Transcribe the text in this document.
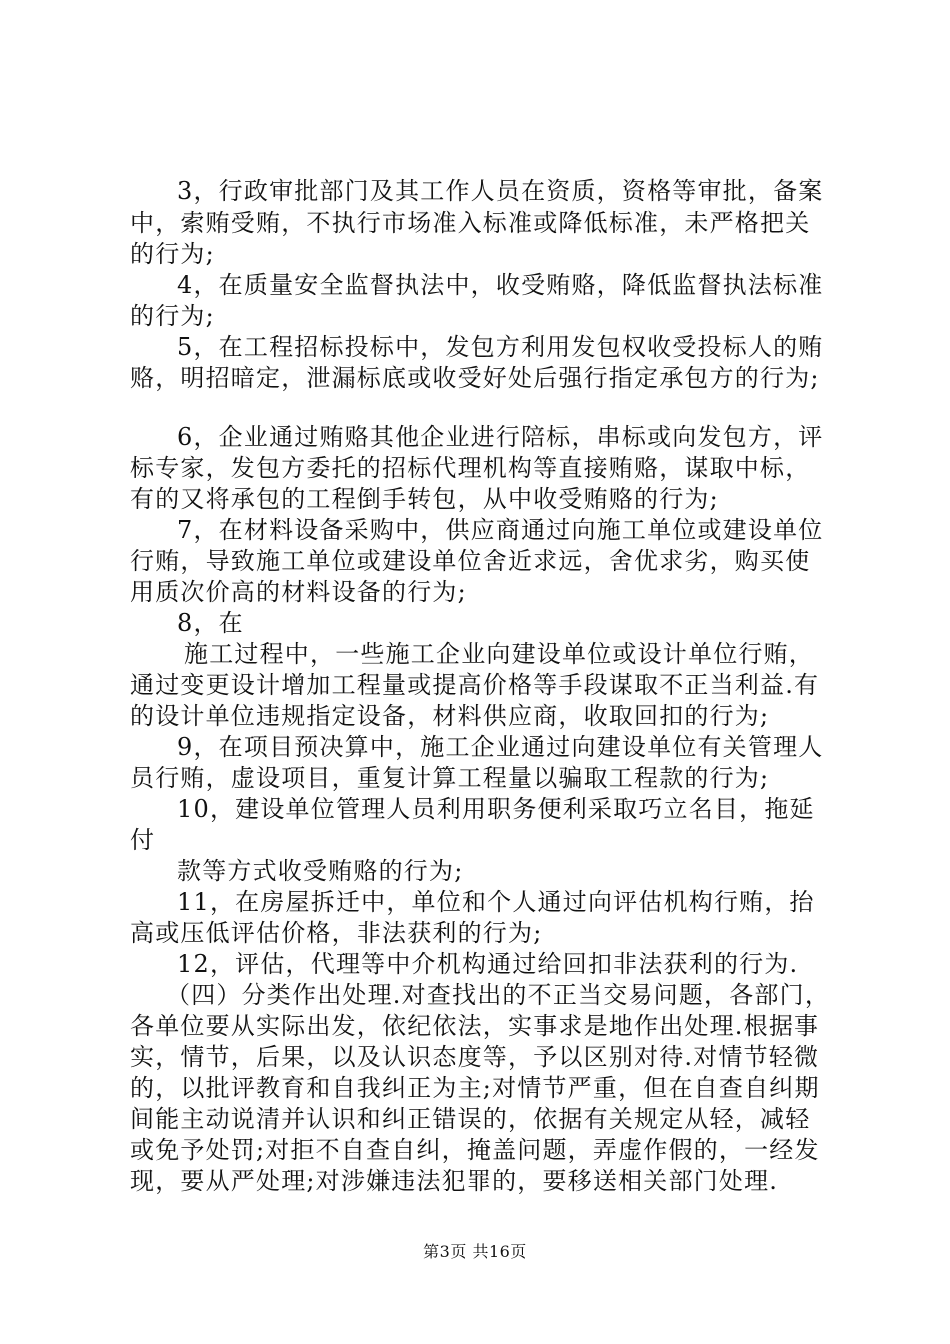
3，行政审批部门及其工作人员在资质，资格等审批，备案
中，索贿受贿，不执行市场准入标准或降低标准，未严格把关
的行为;
4，在质量安全监督执法中，收受贿赂，降低监督执法标准
的行为;
5，在工程招标投标中，发包方利用发包权收受投标人的贿
赂，明招暗定，泄漏标底或收受好处后强行指定承包方的行为;
6，企业通过贿赂其他企业进行陪标，串标或向发包方，评
标专家，发包方委托的招标代理机构等直接贿赂，谋取中标，
有的又将承包的工程倒手转包，从中收受贿赂的行为;
7，在材料设备采购中，供应商通过向施工单位或建设单位
行贿，导致施工单位或建设单位舍近求远，舍优求劣，购买使
用质次价高的材料设备的行为;
8，在
施工过程中，一些施工企业向建设单位或设计单位行贿，
通过变更设计增加工程量或提高价格等手段谋取不正当利益.有
的设计单位违规指定设备，材料供应商，收取回扣的行为;
9，在项目预决算中，施工企业通过向建设单位有关管理人
员行贿，虚设项目，重复计算工程量以骗取工程款的行为;
10，建设单位管理人员利用职务便利采取巧立名目，拖延
付
款等方式收受贿赂的行为;
11，在房屋拆迁中，单位和个人通过向评估机构行贿，抬
高或压低评估价格，非法获利的行为;
12，评估，代理等中介机构通过给回扣非法获利的行为.
（四）分类作出处理.对查找出的不正当交易问题，各部门，
各单位要从实际出发，依纪依法，实事求是地作出处理.根据事
实，情节，后果，以及认识态度等，予以区别对待.对情节轻微
的，以批评教育和自我纠正为主;对情节严重，但在自查自纠期
间能主动说清并认识和纠正错误的，依据有关规定从轻，减轻
或免予处罚;对拒不自查自纠，掩盖问题，弄虚作假的，一经发
现，要从严处理;对涉嫌违法犯罪的，要移送相关部门处理.
第3页 共16页
